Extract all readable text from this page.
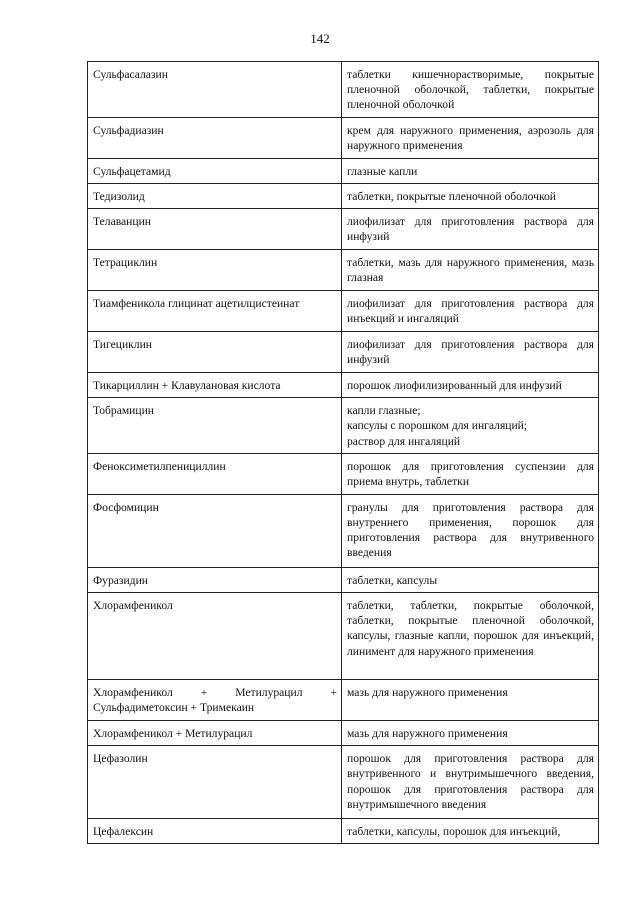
142
Сульфасалазин	таблетки кишечнорастворимые, покрытые пленочной оболочкой, таблетки, покрытые пленочной оболочкой
Сульфадиазин	крем для наружного применения, аэрозоль для наружного применения
Сульфацетамид	глазные капли
Тедизолид	таблетки, покрытые пленочной оболочкой
Телаванцин	лиофилизат для приготовления раствора для инфузий
Тетрациклин	таблетки, мазь для наружного применения, мазь глазная
Тиамфеникола глицинат ацетилцистеинат	лиофилизат для приготовления раствора для инъекций и ингаляций
Тигециклин	лиофилизат для приготовления раствора для инфузий
Тикарциллин + Клавулановая кислота	порошок лиофилизированный для инфузий
Тобрамицин	капли глазные;
капсулы с порошком для ингаляций;
раствор для ингаляций
Феноксиметилпенициллин	порошок для приготовления суспензии для приема внутрь, таблетки
Фосфомицин	гранулы для приготовления раствора для внутреннего применения, порошок для приготовления раствора для внутривенного введения
Фуразидин	таблетки, капсулы
Хлорамфеникол	таблетки, таблетки, покрытые оболочкой, таблетки, покрытые пленочной оболочкой, капсулы, глазные капли, порошок для инъекций, линимент для наружного применения
Хлорамфеникол + Метилурацил + Сульфадиметоксин + Тримекаин	мазь для наружного применения
Хлорамфеникол + Метилурацил	мазь для наружного применения
Цефазолин	порошок для приготовления раствора для внутривенного и внутримышечного введения, порошок для приготовления раствора для внутримышечного введения
Цефалексин	таблетки, капсулы, порошок для инъекций,
